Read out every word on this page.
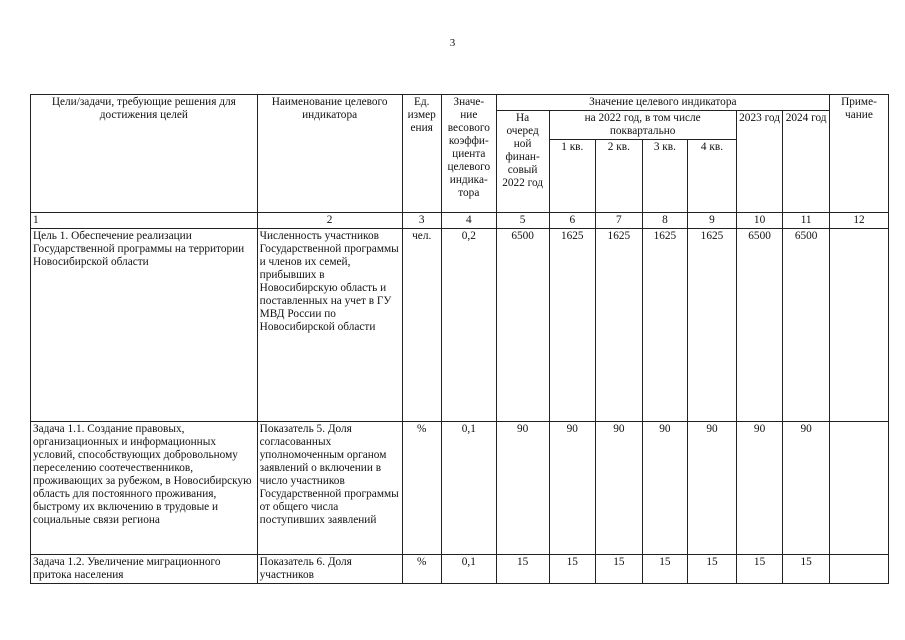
3
Цели/задачи, требующие решения для достижения целей	Наименование целевого индикатора	Ед. измер ения	Значе- ние весового коэффи- циента целевого индика- тора	Значение целевого индикатора							Приме- чание
				На очеред ной финан- совый 2022 год	на 2022 год, в том числе поквартально				2023 год	2024 год	
					1 кв.	2 кв.	3 кв.	4 кв.			
1	2	3	4	5	6	7	8	9	10	11	12
Цель 1. Обеспечение реализации Государственной программы на территории Новосибирской области	Численность участников Государственной программы и членов их семей, прибывших в Новосибирскую область и поставленных на учет в ГУ МВД России по Новосибирской области	чел.	0,2	6500	1625	1625	1625	1625	6500	6500	
Задача 1.1. Создание правовых, организационных и информационных условий, способствующих добровольному переселению соотечественников, проживающих за рубежом, в Новосибирскую область для постоянного проживания, быстрому их включению в трудовые и социальные связи региона	Показатель 5. Доля согласованных уполномоченным органом заявлений о включении в число участников Государственной программы от общего числа поступивших заявлений	%	0,1	90	90	90	90	90	90	90	
Задача 1.2. Увеличение миграционного притока населения	Показатель 6. Доля участников	%	0,1	15	15	15	15	15	15	15	
